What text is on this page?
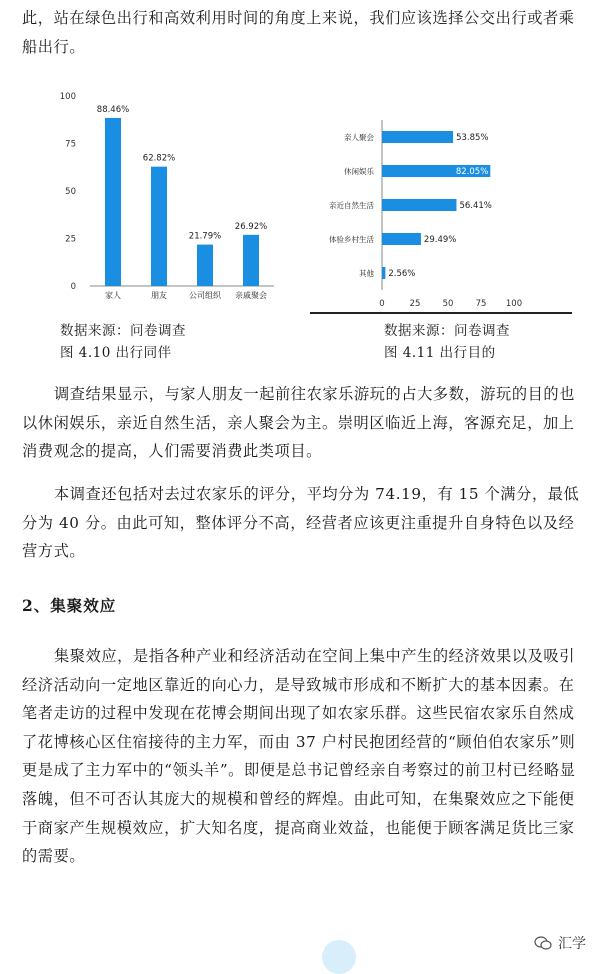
此，站在绿色出行和高效利用时间的角度上来说，我们应该选择公交出行或者乘船出行。

0
25
50
75
100
88.46%
家人
62.82%
朋友
21.79%
公司组织
26.92%
亲戚聚会
亲人聚会	53.85%
休闲娱乐	82.05%
亲近自然生活	56.41%
体验乡村生活	29.49%
其他 2.56%
0	25	50	75 100
数据来源：问卷调查
图 4.10 出行同伴
数据来源：问卷调查
图 4.11 出行目的

调查结果显示，与家人朋友一起前往农家乐游玩的占大多数，游玩的目的也以休闲娱乐，亲近自然生活，亲人聚会为主。崇明区临近上海，客源充足，加上消费观念的提高，人们需要消费此类项目。

本调查还包括对去过农家乐的评分，平均分为 74.19，有 15 个满分，最低分为 40 分。由此可知，整体评分不高，经营者应该更注重提升自身特色以及经营方式。

2、集聚效应

集聚效应，是指各种产业和经济活动在空间上集中产生的经济效果以及吸引经济活动向一定地区靠近的向心力，是导致城市形成和不断扩大的基本因素。在笔者走访的过程中发现在花博会期间出现了如农家乐群。这些民宿农家乐自然成了花博核心区住宿接待的主力军，而由 37 户村民抱团经营的“顾伯伯农家乐”则更是成了主力军中的“领头羊”。即便是总书记曾经亲自考察过的前卫村已经略显落魄，但不可否认其庞大的规模和曾经的辉煌。由此可知，在集聚效应之下能便于商家产生规模效应，扩大知名度，提高商业效益，也能便于顾客满足货比三家的需要。

汇学
